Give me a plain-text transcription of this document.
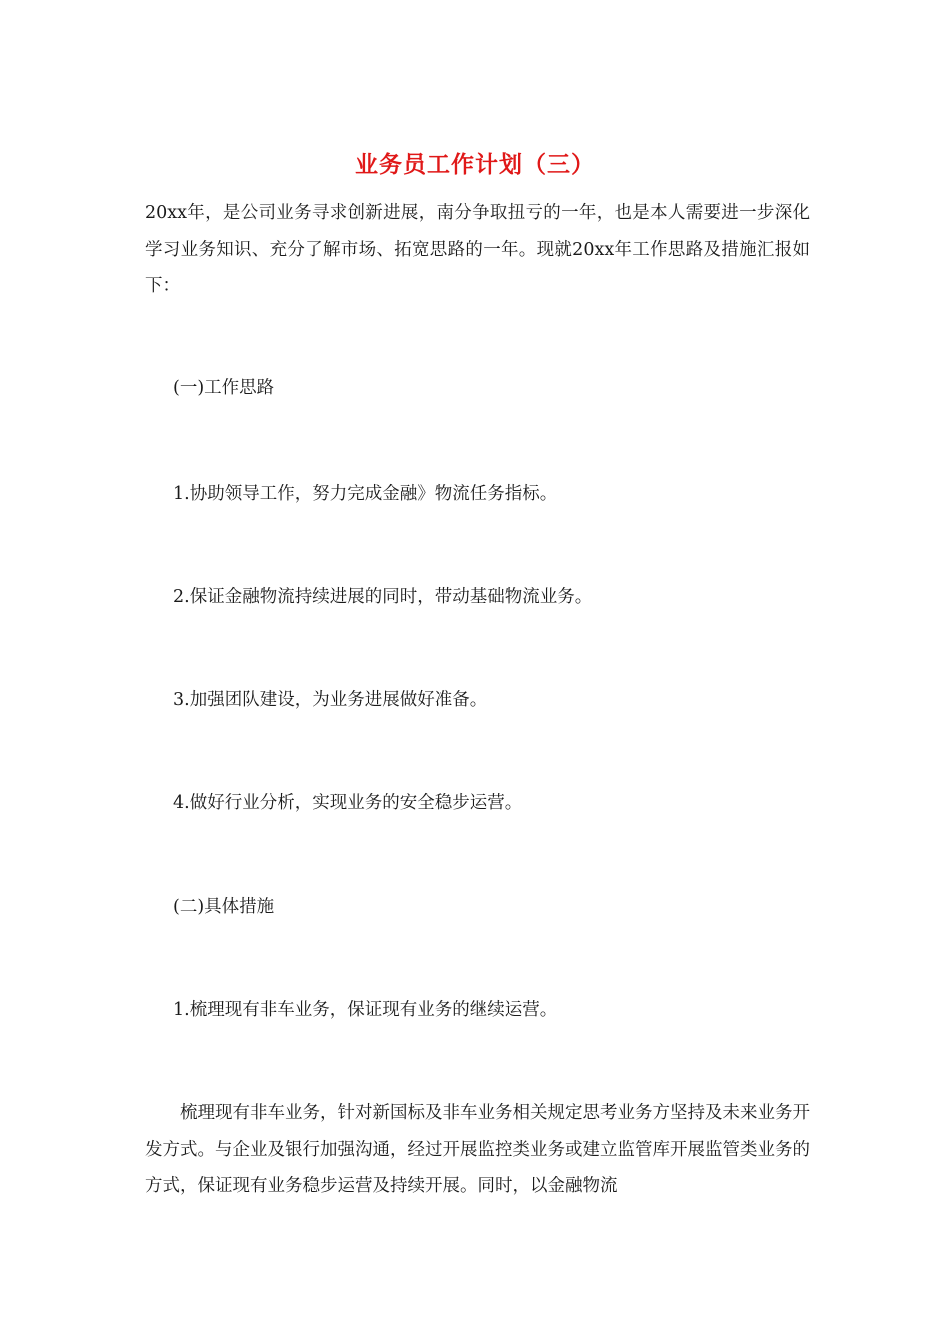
业务员工作计划（三）

20xx年，是公司业务寻求创新进展，南分争取扭亏的一年，也是本人需要进一步深化学习业务知识、充分了解市场、拓宽思路的一年。现就20xx年工作思路及措施汇报如下：

(一)工作思路

1.协助领导工作，努力完成金融》物流任务指标。

2.保证金融物流持续进展的同时，带动基础物流业务。

3.加强团队建设，为业务进展做好准备。

4.做好行业分析，实现业务的安全稳步运营。

(二)具体措施

1.梳理现有非车业务，保证现有业务的继续运营。

梳理现有非车业务，针对新国标及非车业务相关规定思考业务方坚持及未来业务开发方式。与企业及银行加强沟通，经过开展监控类业务或建立监管库开展监管类业务的方式，保证现有业务稳步运营及持续开展。同时，以金融物流
